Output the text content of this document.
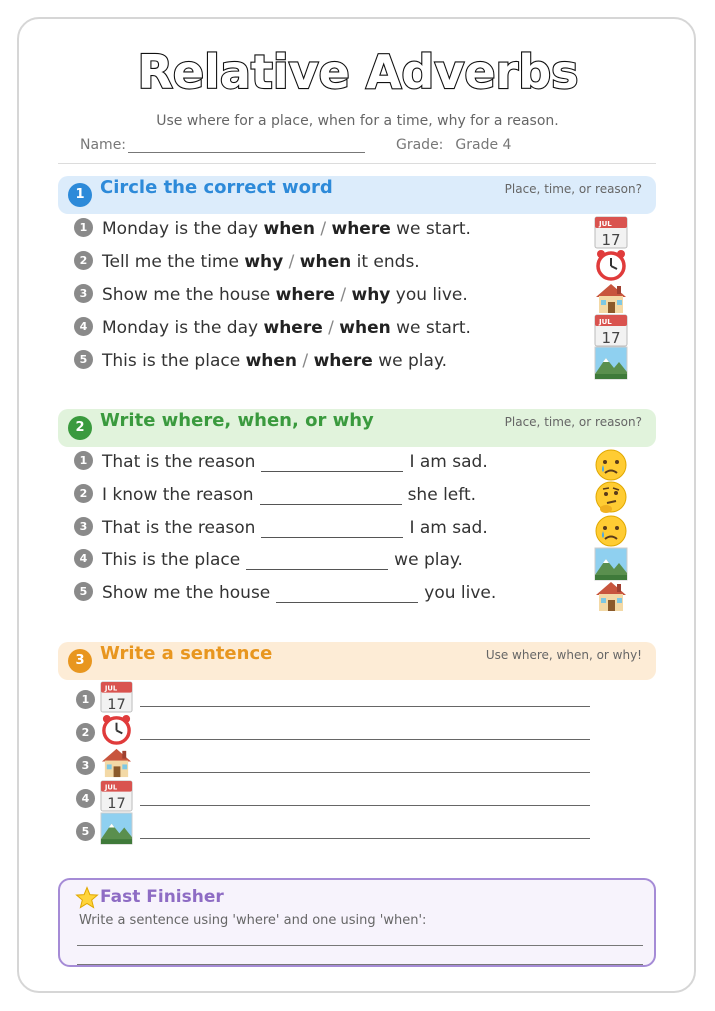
Relative Adverbs
Use where for a place, when for a time, why for a reason.
Name:	Grade: Grade 4
1 Circle the correct word	Place, time, or reason?
1 Monday is the day when / where we start.	JUL
17
2 Tell me the time why / when it ends.
3 Show me the house where / why you live.
4 Monday is the day where / when we start.	JUL
17
5 This is the place when / where we play.
2 Write where, when, or why	Place, time, or reason?
1 That is the reason	I am sad.
2 I know the reason	she left.
3 That is the reason	I am sad.
4 This is the place	we play.
5 Show me the house	you live.
3 Write a sentence	Use where, when, or why!
1
JUL
17
2
3
4
JUL
17
5
Fast Finisher
Write a sentence using 'where' and one using 'when':
